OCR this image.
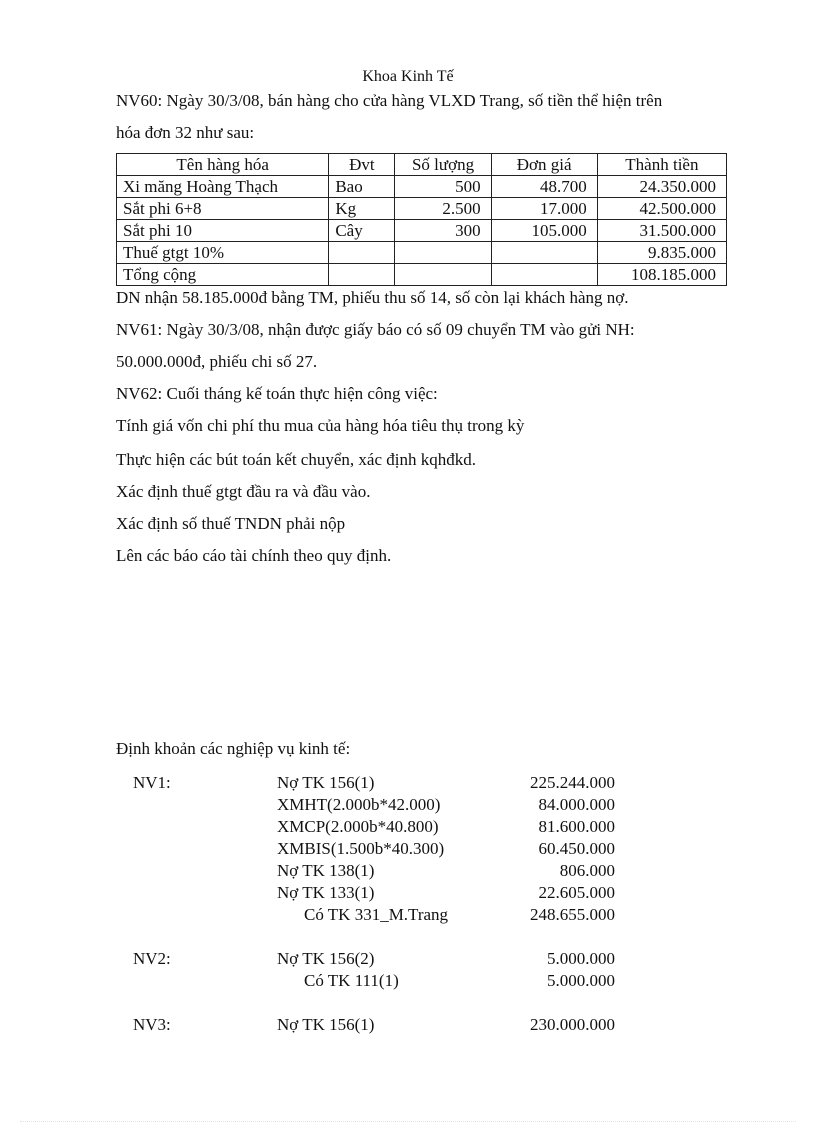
Khoa Kinh Tế
NV60: Ngày 30/3/08, bán hàng cho cửa hàng VLXD Trang, số tiền thể hiện trên
hóa đơn 32 như sau:
Tên hàng hóa	Đvt	Số lượng	Đơn giá	Thành tiền
Xi măng Hoàng Thạch	Bao	500	48.700	24.350.000
Sắt phi 6+8	Kg	2.500	17.000	42.500.000
Sắt phi 10	Cây	300	105.000	31.500.000
Thuế gtgt 10%				9.835.000
Tổng cộng				108.185.000
DN nhận 58.185.000đ bằng TM, phiếu thu số 14, số còn lại khách hàng nợ.
NV61: Ngày 30/3/08, nhận được giấy báo có số 09 chuyển TM vào gửi NH:
50.000.000đ, phiếu chi số 27.
NV62: Cuối tháng kế toán thực hiện công việc:
Tính giá vốn chi phí thu mua của hàng hóa tiêu thụ trong kỳ
Thực hiện các bút toán kết chuyển, xác định kqhđkd.
Xác định thuế gtgt đầu ra và đầu vào.
Xác định số thuế TNDN phải nộp
Lên các báo cáo tài chính theo quy định.
Định khoản các nghiệp vụ kinh tế:
NV1:	Nợ TK 156(1)	225.244.000
XMHT(2.000b*42.000)	84.000.000
XMCP(2.000b*40.800)	81.600.000
XMBIS(1.500b*40.300)	60.450.000
Nợ TK 138(1)	806.000
Nợ TK 133(1)	22.605.000
Có TK 331_M.Trang	248.655.000
NV2:	Nợ TK 156(2)	5.000.000
Có TK 111(1)	5.000.000
NV3:	Nợ TK 156(1)	230.000.000
